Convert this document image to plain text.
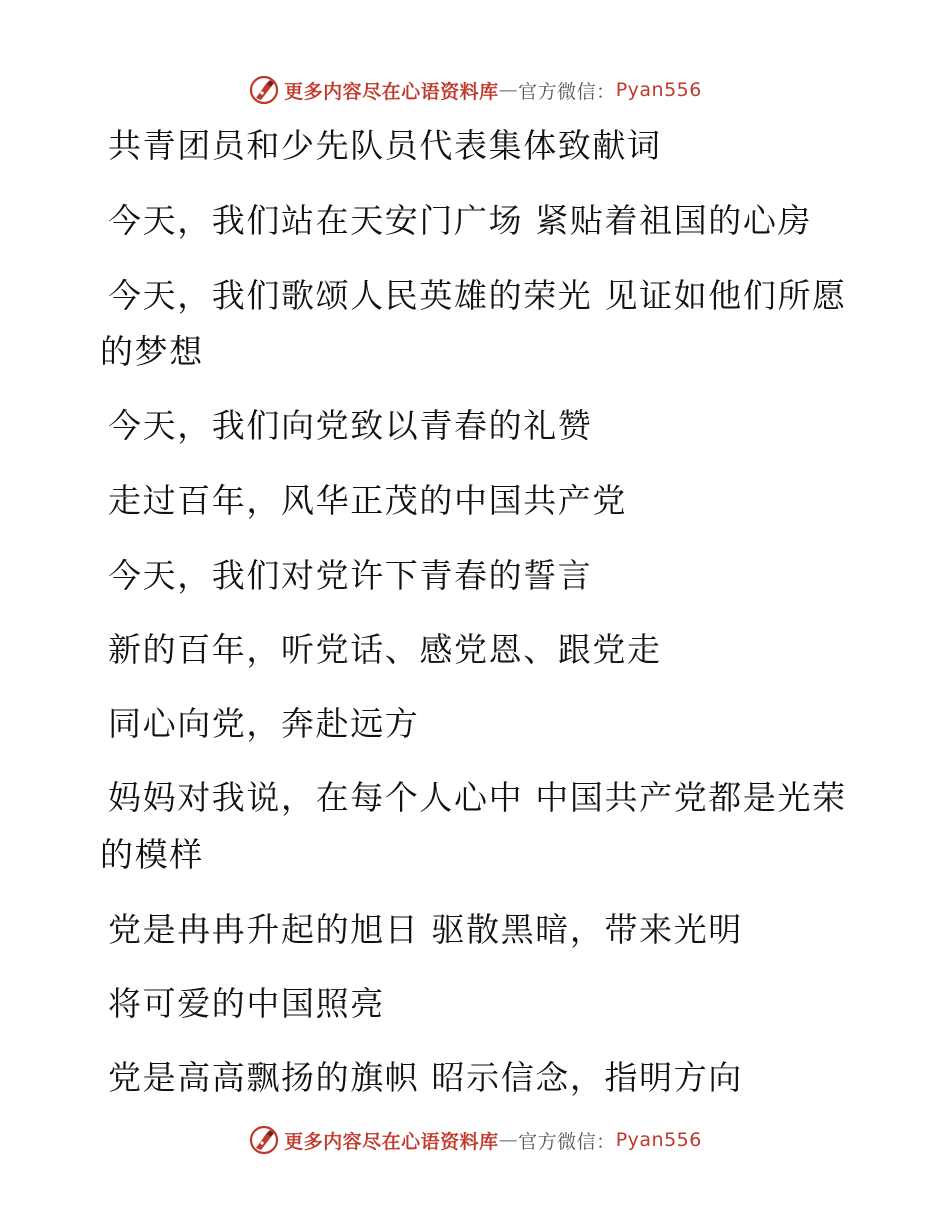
更多内容尽在心语资料库 — 官方微信： Pyan556
共青团员和少先队员代表集体致献词
今天，我们站在天安门广场 紧贴着祖国的心房
今天，我们歌颂人民英雄的荣光 见证如他们所愿
的梦想
今天，我们向党致以青春的礼赞
走过百年，风华正茂的中国共产党
今天，我们对党许下青春的誓言
新的百年，听党话、感党恩、跟党走
同心向党，奔赴远方
妈妈对我说，在每个人心中 中国共产党都是光荣
的模样
党是冉冉升起的旭日 驱散黑暗，带来光明
将可爱的中国照亮
党是高高飘扬的旗帜 昭示信念，指明方向
更多内容尽在心语资料库 — 官方微信： Pyan556
